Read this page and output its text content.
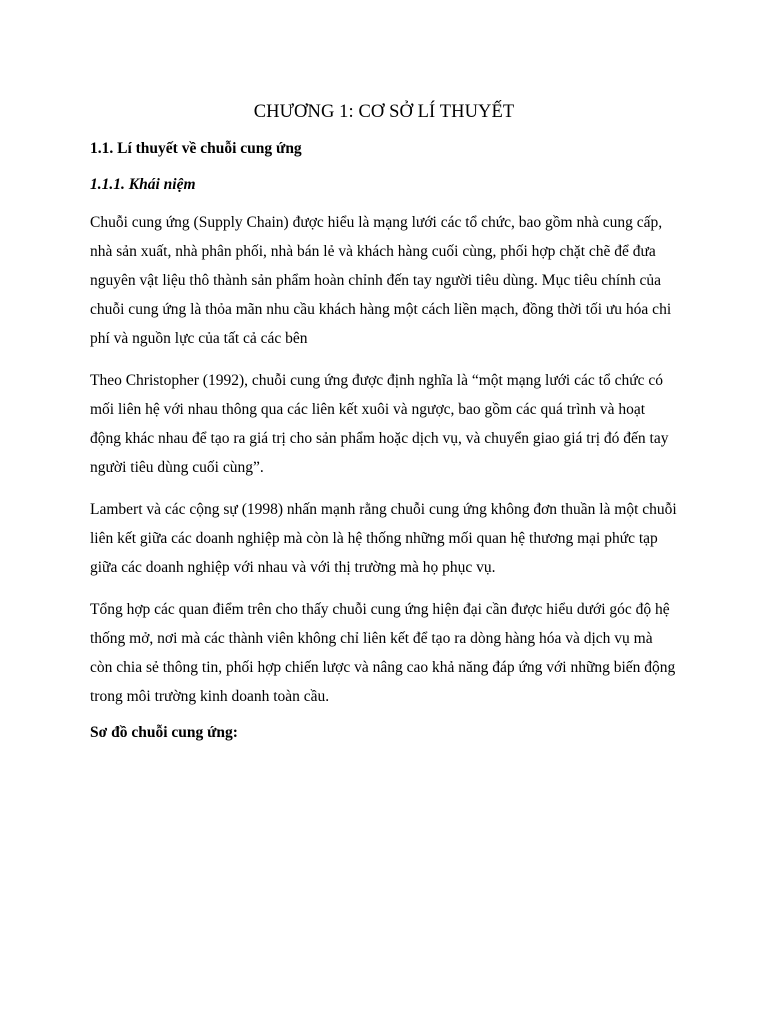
CHƯƠNG 1: CƠ SỞ LÍ THUYẾT
1.1. Lí thuyết về chuỗi cung ứng
1.1.1. Khái niệm

Chuỗi cung ứng (Supply Chain) được hiểu là mạng lưới các tổ chức, bao gồm nhà cung cấp, nhà sản xuất, nhà phân phối, nhà bán lẻ và khách hàng cuối cùng, phối hợp chặt chẽ để đưa nguyên vật liệu thô thành sản phẩm hoàn chỉnh đến tay người tiêu dùng. Mục tiêu chính của chuỗi cung ứng là thỏa mãn nhu cầu khách hàng một cách liền mạch, đồng thời tối ưu hóa chi phí và nguồn lực của tất cả các bên

Theo Christopher (1992), chuỗi cung ứng được định nghĩa là “một mạng lưới các tổ chức có mối liên hệ với nhau thông qua các liên kết xuôi và ngược, bao gồm các quá trình và hoạt động khác nhau để tạo ra giá trị cho sản phẩm hoặc dịch vụ, và chuyển giao giá trị đó đến tay người tiêu dùng cuối cùng”.

Lambert và các cộng sự (1998) nhấn mạnh rằng chuỗi cung ứng không đơn thuần là một chuỗi liên kết giữa các doanh nghiệp mà còn là hệ thống những mối quan hệ thương mại phức tạp giữa các doanh nghiệp với nhau và với thị trường mà họ phục vụ.

Tổng hợp các quan điểm trên cho thấy chuỗi cung ứng hiện đại cần được hiểu dưới góc độ hệ thống mở, nơi mà các thành viên không chỉ liên kết để tạo ra dòng hàng hóa và dịch vụ mà còn chia sẻ thông tin, phối hợp chiến lược và nâng cao khả năng đáp ứng với những biến động trong môi trường kinh doanh toàn cầu.

Sơ đồ chuỗi cung ứng:
